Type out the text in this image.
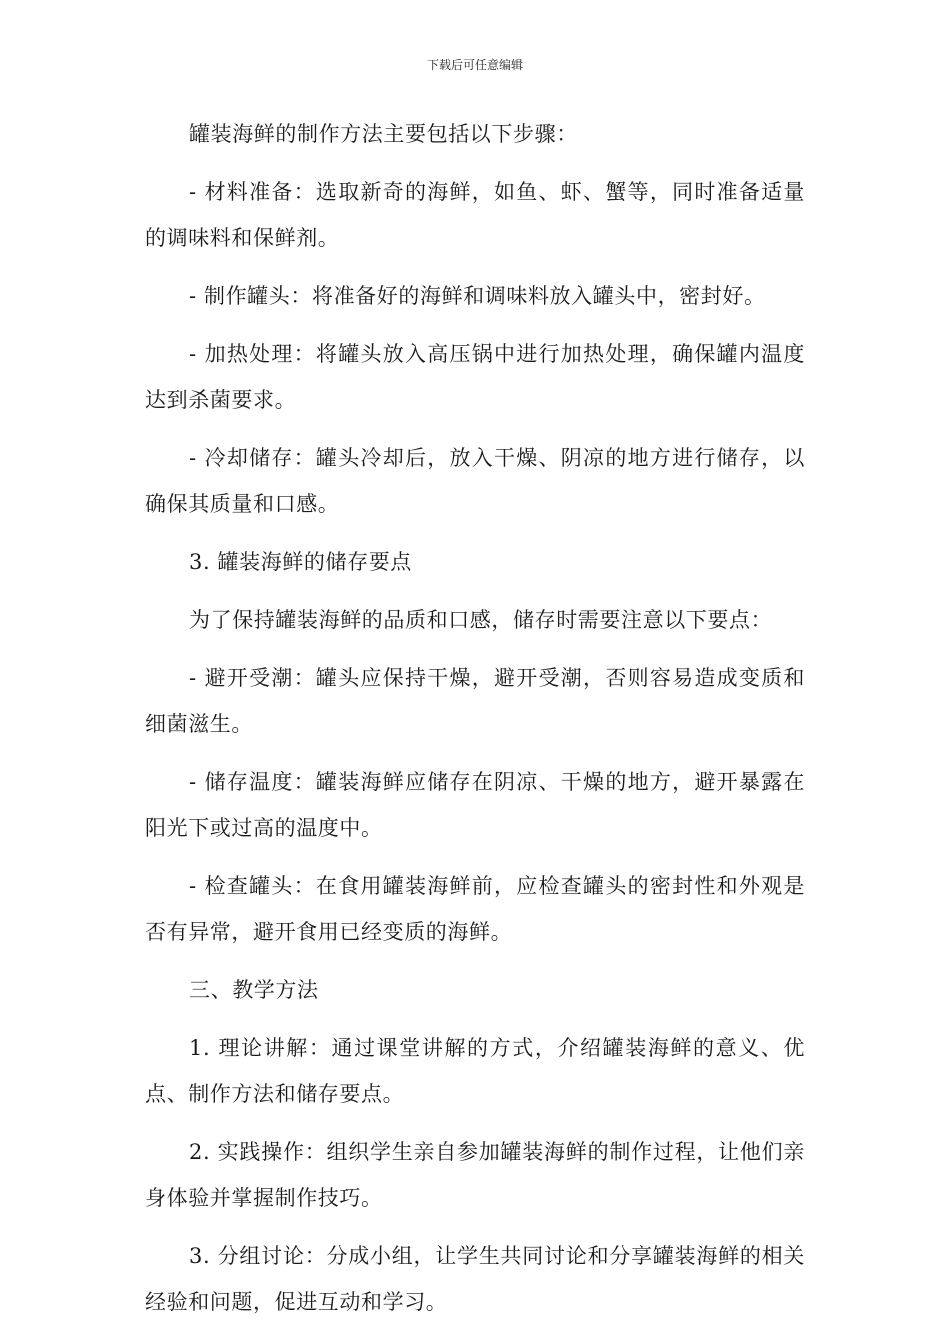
下载后可任意编辑

罐装海鲜的制作方法主要包括以下步骤：

- 材料准备：选取新奇的海鲜，如鱼、虾、蟹等，同时准备适量的调味料和保鲜剂。

- 制作罐头：将准备好的海鲜和调味料放入罐头中，密封好。

- 加热处理：将罐头放入高压锅中进行加热处理，确保罐内温度达到杀菌要求。

- 冷却储存：罐头冷却后，放入干燥、阴凉的地方进行储存，以确保其质量和口感。

3. 罐装海鲜的储存要点

为了保持罐装海鲜的品质和口感，储存时需要注意以下要点：

- 避开受潮：罐头应保持干燥，避开受潮，否则容易造成变质和细菌滋生。

- 储存温度：罐装海鲜应储存在阴凉、干燥的地方，避开暴露在阳光下或过高的温度中。

- 检查罐头：在食用罐装海鲜前，应检查罐头的密封性和外观是否有异常，避开食用已经变质的海鲜。

三、教学方法

1. 理论讲解：通过课堂讲解的方式，介绍罐装海鲜的意义、优点、制作方法和储存要点。

2. 实践操作：组织学生亲自参加罐装海鲜的制作过程，让他们亲身体验并掌握制作技巧。

3. 分组讨论：分成小组，让学生共同讨论和分享罐装海鲜的相关经验和问题，促进互动和学习。
